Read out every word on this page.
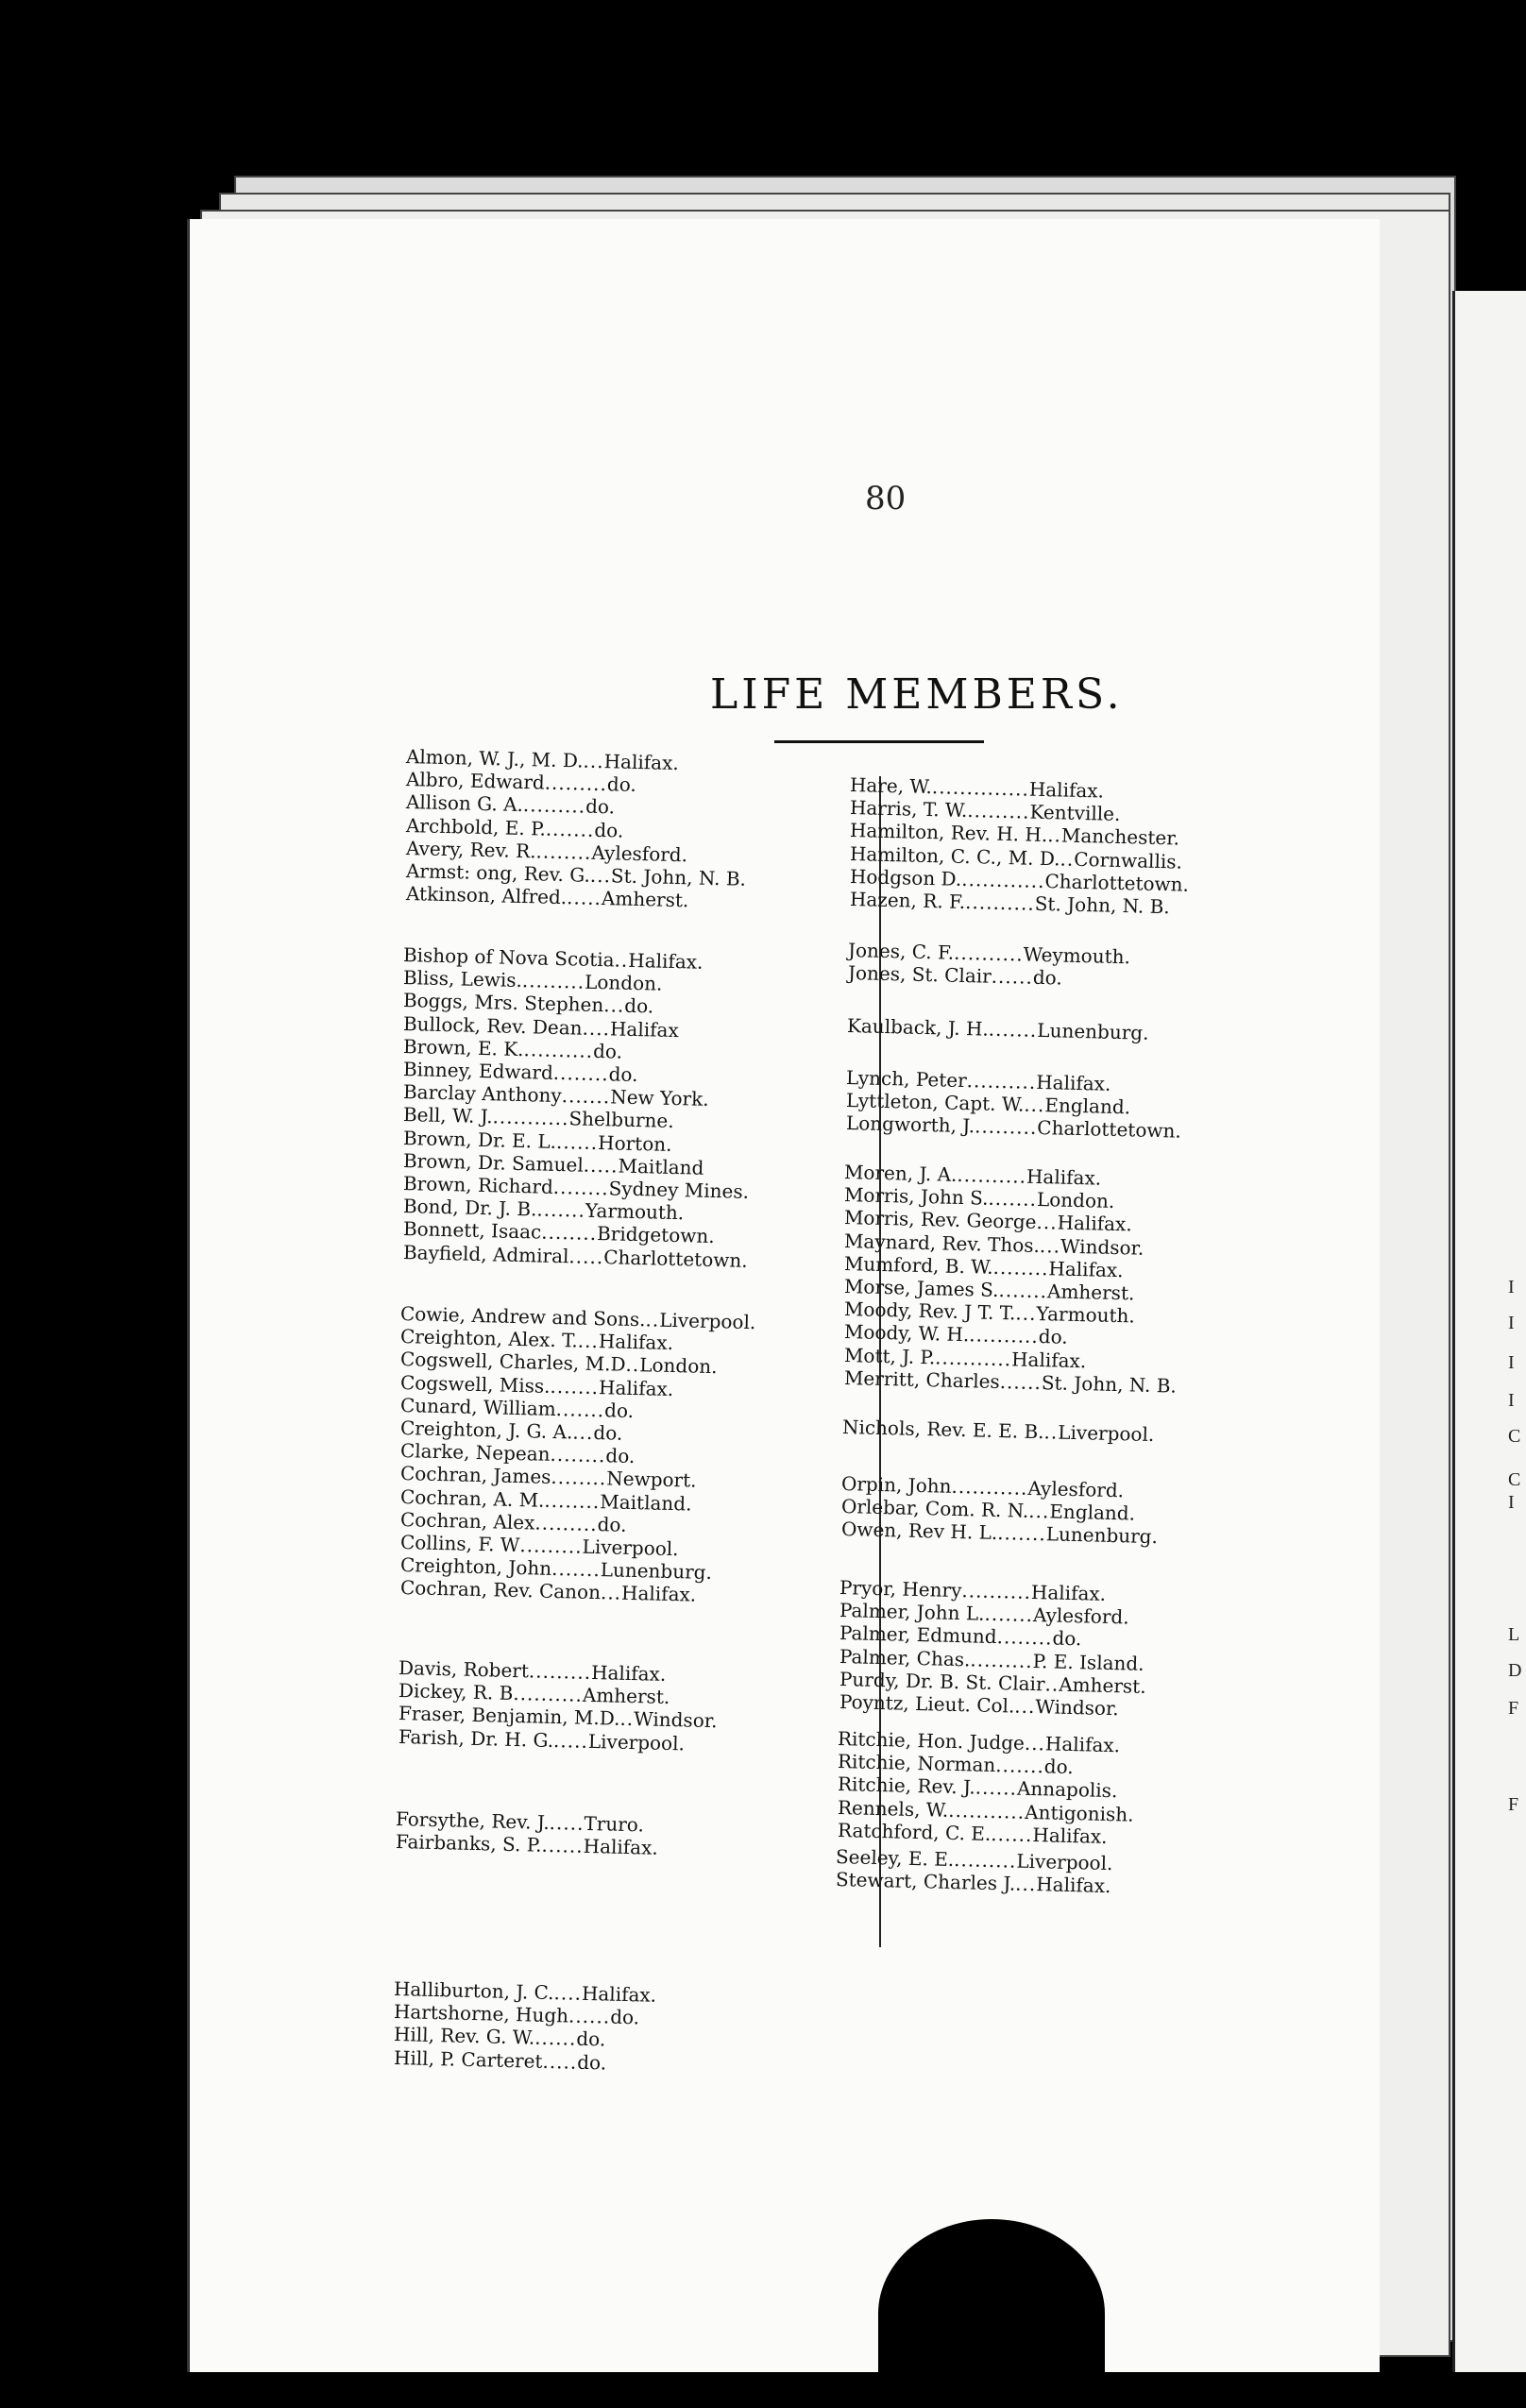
I
I
I
I
C
C
I
L
D
F
F
80
LIFE MEMBERS.
Almon, W. J., M. D....Halifax.
Albro, Edward.........do.
Allison G. A..........do.
Archbold, E. P........do.
Avery, Rev. R.........Aylesford.
Armst: ong, Rev. G....St. John, N. B.
Atkinson, Alfred......Amherst.
Bishop of Nova Scotia..Halifax.
Bliss, Lewis..........London.
Boggs, Mrs. Stephen...do.
Bullock, Rev. Dean....Halifax
Brown, E. K...........do.
Binney, Edward........do.
Barclay Anthony.......New York.
Bell, W. J............Shelburne.
Brown, Dr. E. L.......Horton.
Brown, Dr. Samuel.....Maitland
Brown, Richard........Sydney Mines.
Bond, Dr. J. B........Yarmouth.
Bonnett, Isaac........Bridgetown.
Bayfield, Admiral.....Charlottetown.
Cowie, Andrew and Sons...Liverpool.
Creighton, Alex. T....Halifax.
Cogswell, Charles, M.D..London.
Cogswell, Miss........Halifax.
Cunard, William.......do.
Creighton, J. G. A....do.
Clarke, Nepean........do.
Cochran, James........Newport.
Cochran, A. M.........Maitland.
Cochran, Alex.........do.
Collins, F. W.........Liverpool.
Creighton, John.......Lunenburg.
Cochran, Rev. Canon...Halifax.
Davis, Robert.........Halifax.
Dickey, R. B..........Amherst.
Fraser, Benjamin, M.D...Windsor.
Farish, Dr. H. G......Liverpool.
Forsythe, Rev. J......Truro.
Fairbanks, S. P.......Halifax.
Halliburton, J. C.....Halifax.
Hartshorne, Hugh......do.
Hill, Rev. G. W.......do.
Hill, P. Carteret.....do.
Hare, W...............Halifax.
Harris, T. W..........Kentville.
Hamilton, Rev. H. H...Manchester.
Hamilton, C. C., M. D...Cornwallis.
Hodgson D.............Charlottetown.
Hazen, R. F...........St. John, N. B.
Jones, C. F...........Weymouth.
Jones, St. Clair......do.
Kaulback, J. H........Lunenburg.
Lynch, Peter..........Halifax.
Lyttleton, Capt. W....England.
Longworth, J..........Charlottetown.
Moren, J. A...........Halifax.
Morris, John S........London.
Morris, Rev. George...Halifax.
Maynard, Rev. Thos....Windsor.
Mumford, B. W.........Halifax.
Morse, James S........Amherst.
Moody, Rev. J T. T....Yarmouth.
Moody, W. H...........do.
Mott, J. P............Halifax.
Merritt, Charles......St. John, N. B.
Nichols, Rev. E. E. B...Liverpool.
Orpin, John...........Aylesford.
Orlebar, Com. R. N....England.
Owen, Rev H. L........Lunenburg.
Pryor, Henry..........Halifax.
Palmer, John L........Aylesford.
Palmer, Edmund........do.
Palmer, Chas..........P. E. Island.
Purdy, Dr. B. St. Clair..Amherst.
Poyntz, Lieut. Col....Windsor.
Ritchie, Hon. Judge...Halifax.
Ritchie, Norman.......do.
Ritchie, Rev. J.......Annapolis.
Rennels, W............Antigonish.
Ratchford, C. E.......Halifax.
Seeley, E. E..........Liverpool.
Stewart, Charles J....Halifax.
